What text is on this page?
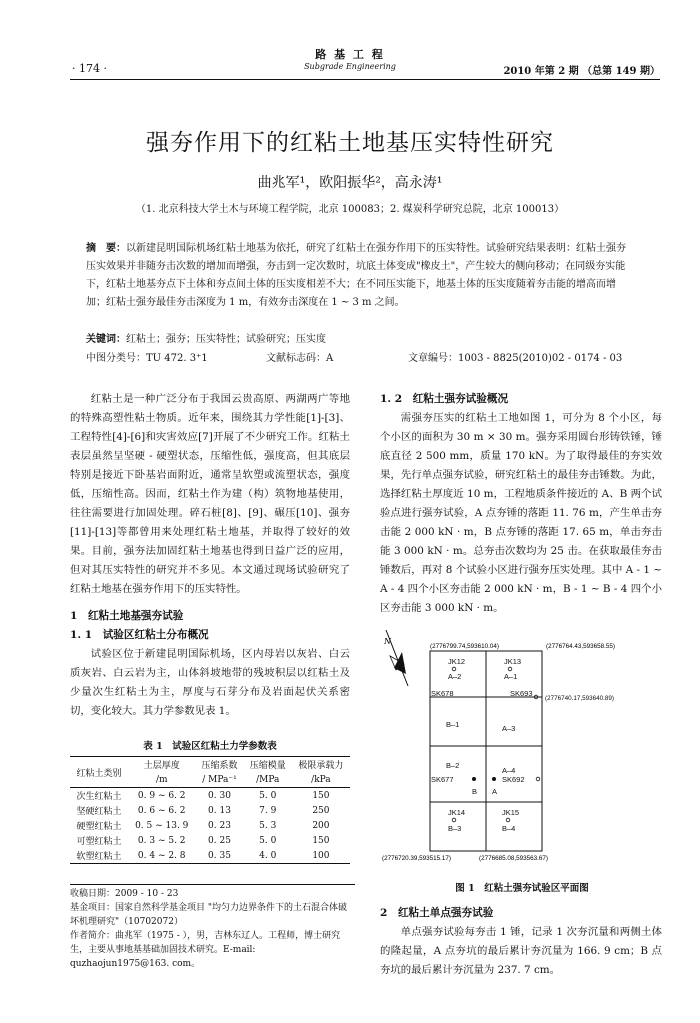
· 174 ·
路 基 工 程
Subgrade Engineering	2010 年第 2 期 （总第 149 期）
强夯作用下的红粘土地基压实特性研究
曲兆军¹，欧阳振华²，高永涛¹
（1. 北京科技大学土木与环境工程学院，北京 100083；2. 煤炭科学研究总院，北京 100013）
摘　要：以新建昆明国际机场红粘土地基为依托，研究了红粘土在强夯作用下的压实特性。试验研究结果表明：红粘土强夯压实效果并非随夯击次数的增加而增强，夯击到一定次数时，坑底土体变成"橡皮土"，产生较大的侧向移动；在同级夯实能下，红粘土地基夯点下土体和夯点间土体的压实度相差不大；在不同压实能下，地基土体的压实度随着夯击能的增高而增加；红粘土强夯最佳夯击深度为 1 m，有效夯击深度在 1 ~ 3 m 之间。
关键词：红粘土；强夯；压实特性；试验研究；压实度
中图分类号：TU 472. 3⁺1	文献标志码：A	文章编号：1003 - 8825(2010)02 - 0174 - 03

红粘土是一种广泛分布于我国云贵高原、两湖两广等地的特殊高塑性粘土物质。近年来，围绕其力学性能[1]-[3]、工程特性[4]-[6]和灾害效应[7]开展了不少研究工作。红粘土表层虽然呈坚硬 - 硬塑状态，压缩性低，强度高，但其底层特别是接近下卧基岩面附近，通常呈软塑或流塑状态，强度低，压缩性高。因而，红粘土作为建（构）筑物地基使用，往往需要进行加固处理。碎石桩[8]、[9]、碾压[10]、强夯[11]-[13]等都曾用来处理红粘土地基，并取得了较好的效果。目前，强夯法加固红粘土地基也得到日益广泛的应用，但对其压实特性的研究并不多见。本文通过现场试验研究了红粘土地基在强夯作用下的压实特性。

1　红粘土地基强夯试验
1. 1　试验区红粘土分布概况

试验区位于新建昆明国际机场，区内母岩以灰岩、白云质灰岩、白云岩为主，山体斜坡地带的残坡积层以红粘土及少量次生红粘土为主，厚度与石芽分布及岩面起伏关系密切，变化较大。其力学参数见表 1。

表 1　试验区红粘土力学参数表
红粘土类别	土层厚度	压缩系数	压缩模量	极限承载力
	/m	/ MPa⁻¹	/MPa	/kPa
次生红粘土	0. 9 ~ 6. 2	0. 30	5. 0	150
坚硬红粘土	0. 6 ~ 6. 2	0. 13	7. 9	250
硬塑红粘土	0. 5 ~ 13. 9	0. 23	5. 3	200
可塑红粘土	0. 3 ~ 5. 2	0. 25	5. 0	150
软塑红粘土	0. 4 ~ 2. 8	0. 35	4. 0	100
收稿日期：2009 - 10 - 23
基金项目：国家自然科学基金项目 "均匀力边界条件下的土石混合体破坏机理研究"（10702072）
作者简介：曲兆军（1975 - ），男，吉林东辽人。工程师，博士研究生，主要从事地基基础加固技术研究。E-mail: quzhaojun1975@163. com。
1. 2　红粘土强夯试验概况

需强夯压实的红粘土工地如图 1，可分为 8 个小区，每个小区的面积为 30 m × 30 m。强夯采用圆台形铸铁锤，锤底直径 2 500 mm，质量 170 kN。为了取得最佳的夯实效果，先行单点强夯试验，研究红粘土的最佳夯击锤数。为此，选择红粘土厚度近 10 m，工程地质条件接近的 A、B 两个试验点进行强夯试验，A 点夯锤的落距 11. 76 m，产生单击夯击能 2 000 kN · m，B 点夯锤的落距 17. 65 m，单击夯击能 3 000 kN · m。总夯击次数均为 25 击。在获取最佳夯击锤数后，再对 8 个试验小区进行强夯压实处理。其中 A - 1 ~ A - 4 四个小区夯击能 2 000 kN · m，B - 1 ~ B - 4 四个小区夯击能 3 000 kN · m。

N
(2776799.74,593610.04)	(2776764.43,593658.55)
JK12
A–2
JK13
A–1
SK678	SK693
(2776740.17,593640.89)
B–1	A–3
B–2
A–4
SK677	SK692
B A
JK14
B–3
JK15
B–4
(2776720.39,593515.17)	(2776685.08,593563.67)
图 1　红粘土强夯试验区平面图
2　红粘土单点强夯试验

单点强夯试验每夯击 1 锤，记录 1 次夯沉量和两侧土体的隆起量，A 点夯坑的最后累计夯沉量为 166. 9 cm；B 点夯坑的最后累计夯沉量为 237. 7 cm。
